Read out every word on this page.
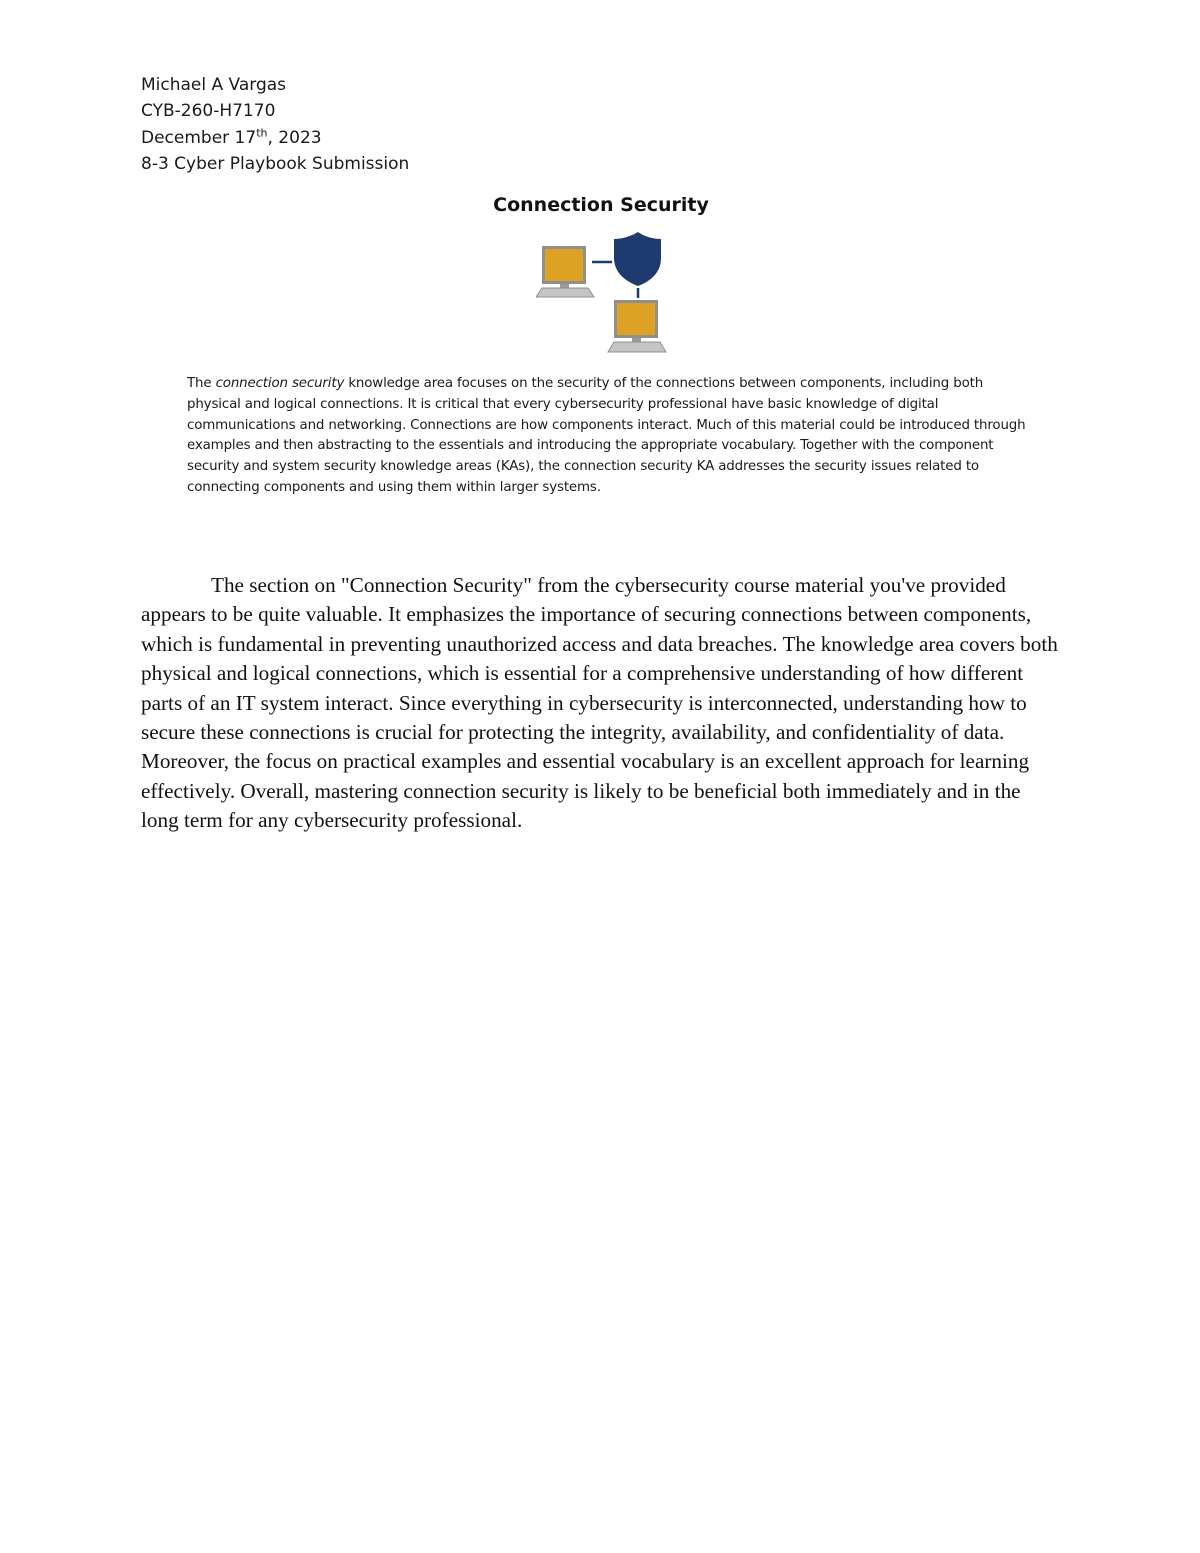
Michael A Vargas
CYB-260-H7170
December 17th, 2023
8-3 Cyber Playbook Submission
Connection Security
The connection security knowledge area focuses on the security of the connections between components, including both physical and logical connections. It is critical that every cybersecurity professional have basic knowledge of digital communications and networking. Connections are how components interact. Much of this material could be introduced through examples and then abstracting to the essentials and introducing the appropriate vocabulary. Together with the component security and system security knowledge areas (KAs), the connection security KA addresses the security issues related to connecting components and using them within larger systems.
The section on "Connection Security" from the cybersecurity course material you've provided appears to be quite valuable. It emphasizes the importance of securing connections between components, which is fundamental in preventing unauthorized access and data breaches. The knowledge area covers both physical and logical connections, which is essential for a comprehensive understanding of how different parts of an IT system interact. Since everything in cybersecurity is interconnected, understanding how to secure these connections is crucial for protecting the integrity, availability, and confidentiality of data. Moreover, the focus on practical examples and essential vocabulary is an excellent approach for learning effectively. Overall, mastering connection security is likely to be beneficial both immediately and in the long term for any cybersecurity professional.
